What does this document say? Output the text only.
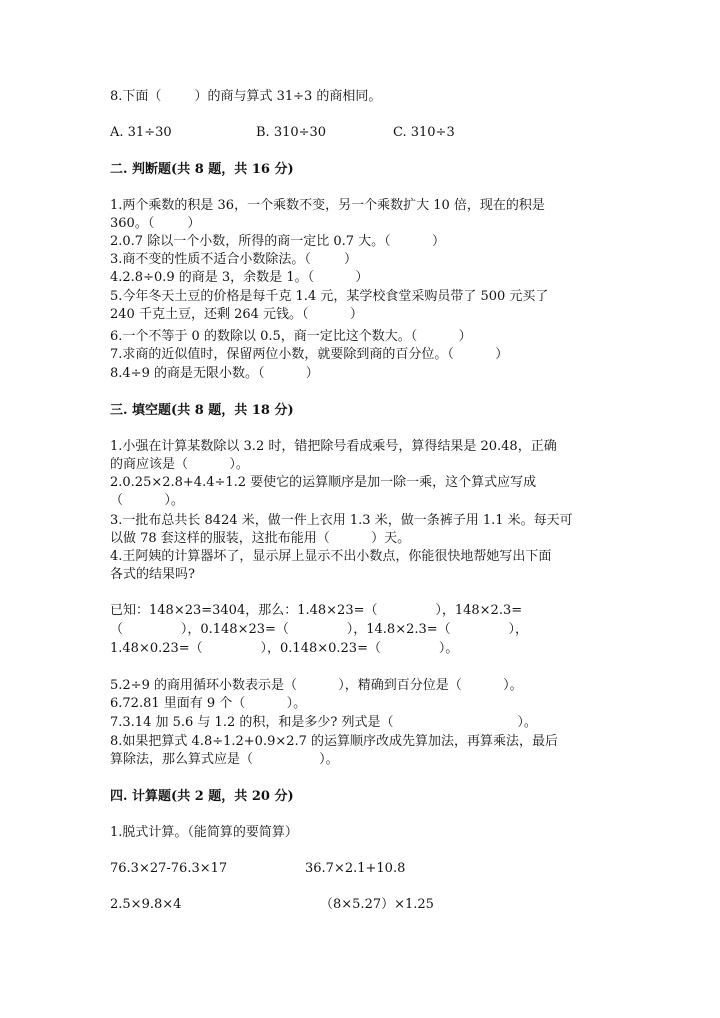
8.下面（        ）的商与算式 31÷3 的商相同。
A. 31÷30	B. 310÷30	C. 310÷3
二. 判断题(共 8 题，共 16 分)
1.两个乘数的积是 36，一个乘数不变，另一个乘数扩大 10 倍，现在的积是
360。（        ）
2.0.7 除以一个小数，所得的商一定比 0.7 大。（          ）
3.商不变的性质不适合小数除法。（        ）
4.2.8÷0.9 的商是 3，余数是 1。（          ）
5.今年冬天土豆的价格是每千克 1.4 元，某学校食堂采购员带了 500 元买了
240 千克土豆，还剩 264 元钱。（          ）
6.一个不等于 0 的数除以 0.5，商一定比这个数大。（          ）
7.求商的近似值时，保留两位小数，就要除到商的百分位。（          ）
8.4÷9 的商是无限小数。（          ）
三. 填空题(共 8 题，共 18 分)
1.小强在计算某数除以 3.2 时，错把除号看成乘号，算得结果是 20.48，正确
的商应该是（          ）。
2.0.25×2.8+4.4÷1.2 要使它的运算顺序是加一除一乘，这个算式应写成
（          ）。
3.一批布总共长 8424 米，做一件上衣用 1.3 米，做一条裤子用 1.1 米。每天可
以做 78 套这样的服装，这批布能用（          ）天。
4.王阿姨的计算器坏了，显示屏上显示不出小数点，你能很快地帮她写出下面
各式的结果吗?
已知：148×23=3404，那么：1.48×23=（              ），148×2.3=
（              ），0.148×23=（              ），14.8×2.3=（              ），
1.48×0.23=（              ），0.148×0.23=（              ）。
5.2÷9 的商用循环小数表示是（          ），精确到百分位是（          ）。
6.72.81 里面有 9 个（          ）。
7.3.14 加 5.6 与 1.2 的积，和是多少? 列式是（                              ）。
8.如果把算式 4.8÷1.2+0.9×2.7 的运算顺序改成先算加法，再算乘法，最后
算除法，那么算式应是（                ）。
四. 计算题(共 2 题，共 20 分)
1.脱式计算。（能简算的要简算）
76.3×27-76.3×17	36.7×2.1+10.8
2.5×9.8×4	（8×5.27）×1.25
